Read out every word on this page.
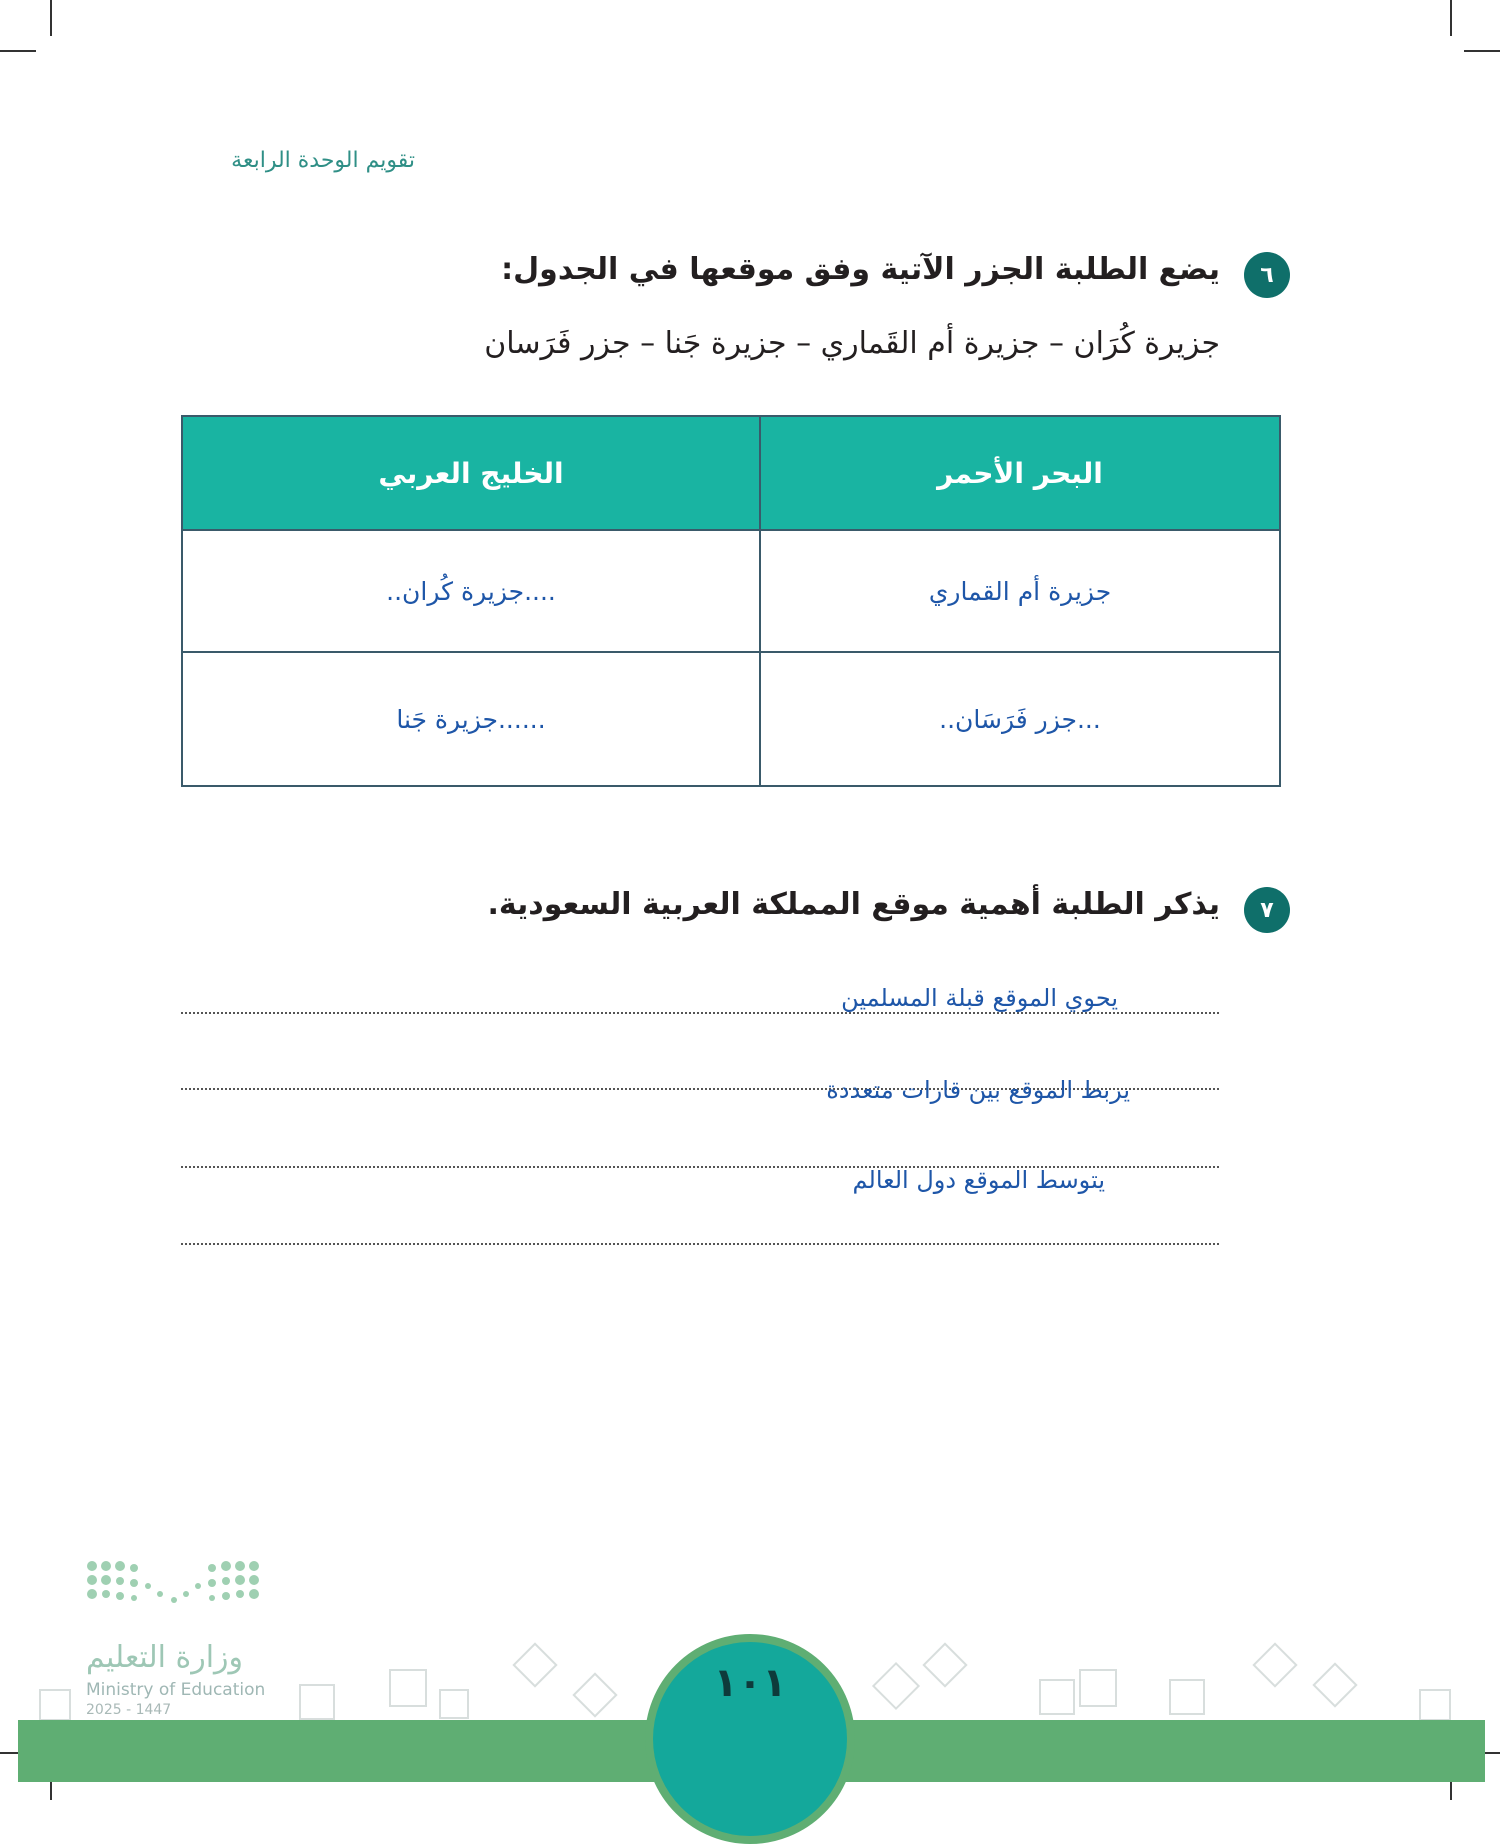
تقويم الوحدة الرابعة
٦
يضع الطلبة الجزر الآتية وفق موقعها في الجدول:
جزيرة كُرَان – جزيرة أم القَماري – جزيرة جَنا – جزر فَرَسان
البحر الأحمر	الخليج العربي
جزيرة أم القماري	....جزيرة كُران..
...جزر فَرَسَان..	......جزيرة جَنا
٧
يذكر الطلبة أهمية موقع المملكة العربية السعودية.
يحوي الموقع قبلة المسلمين
يربط الموقع بين قارات متعددة
يتوسط الموقع دول العالم
١٠١
وزارة التعليم
Ministry of Education
2025 - 1447
